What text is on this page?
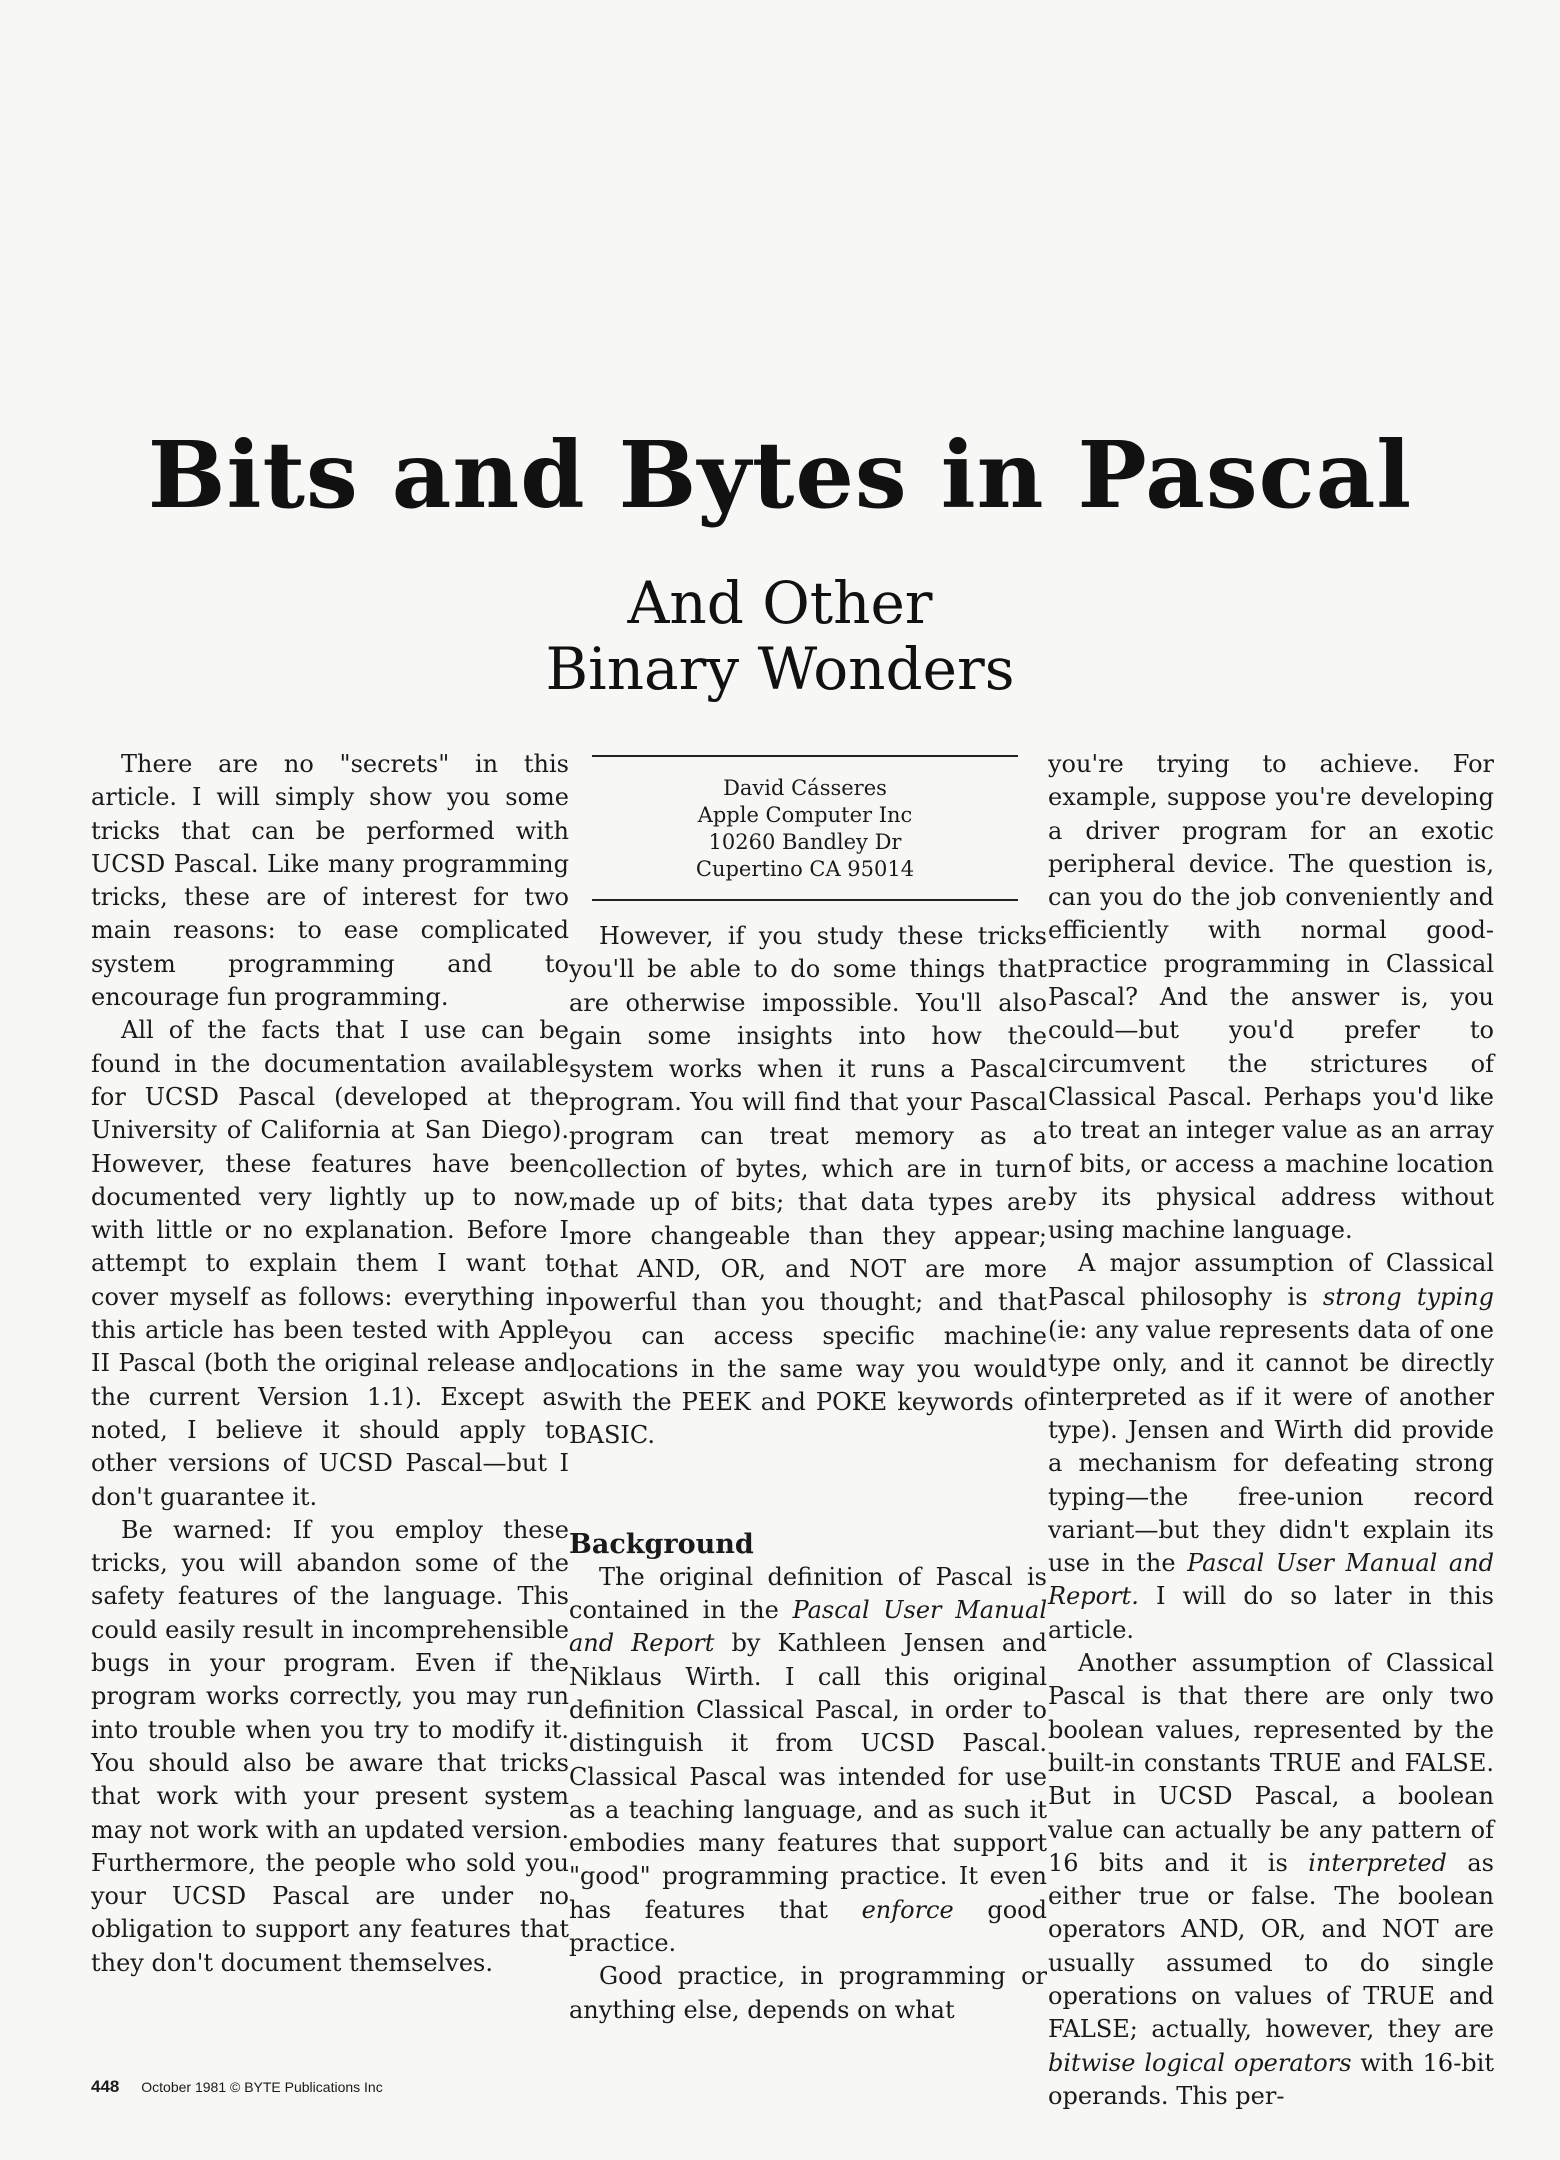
Bits and Bytes in Pascal
And Other
Binary Wonders

There are no "secrets" in this article. I will simply show you some tricks that can be performed with UCSD Pascal. Like many programming tricks, these are of interest for two main reasons: to ease complicated system programming and to encourage fun programming.

All of the facts that I use can be found in the documentation available for UCSD Pascal (developed at the University of California at San Diego). However, these features have been documented very lightly up to now, with little or no explanation. Before I attempt to explain them I want to cover myself as follows: everything in this article has been tested with Apple II Pascal (both the original release and the current Version 1.1). Except as noted, I believe it should apply to other versions of UCSD Pascal—but I don't guarantee it.

Be warned: If you employ these tricks, you will abandon some of the safety features of the language. This could easily result in incomprehensible bugs in your program. Even if the program works correctly, you may run into trouble when you try to modify it. You should also be aware that tricks that work with your present system may not work with an updated version. Furthermore, the people who sold you your UCSD Pascal are under no obligation to support any features that they don't document themselves.

David Cásseres
Apple Computer Inc
10260 Bandley Dr
Cupertino CA 95014

However, if you study these tricks you'll be able to do some things that are otherwise impossible. You'll also gain some insights into how the system works when it runs a Pascal program. You will find that your Pascal program can treat memory as a collection of bytes, which are in turn made up of bits; that data types are more changeable than they appear; that AND, OR, and NOT are more powerful than you thought; and that you can access specific machine locations in the same way you would with the PEEK and POKE keywords of BASIC.

Background

The original definition of Pascal is contained in the Pascal User Manual and Report by Kathleen Jensen and Niklaus Wirth. I call this original definition Classical Pascal, in order to distinguish it from UCSD Pascal. Classical Pascal was intended for use as a teaching language, and as such it embodies many features that support "good" programming practice. It even has features that enforce good practice.

Good practice, in programming or anything else, depends on what

you're trying to achieve. For example, suppose you're developing a driver program for an exotic peripheral device. The question is, can you do the job conveniently and efficiently with normal good-practice programming in Classical Pascal? And the answer is, you could—but you'd prefer to circumvent the strictures of Classical Pascal. Perhaps you'd like to treat an integer value as an array of bits, or access a machine location by its physical address without using machine language.

A major assumption of Classical Pascal philosophy is strong typing (ie: any value represents data of one type only, and it cannot be directly interpreted as if it were of another type). Jensen and Wirth did provide a mechanism for defeating strong typing—the free-union record variant—but they didn't explain its use in the Pascal User Manual and Report. I will do so later in this article.

Another assumption of Classical Pascal is that there are only two boolean values, represented by the built-in constants TRUE and FALSE. But in UCSD Pascal, a boolean value can actually be any pattern of 16 bits and it is interpreted as either true or false. The boolean operators AND, OR, and NOT are usually assumed to do single operations on values of TRUE and FALSE; actually, however, they are bitwise logical operators with 16-bit operands. This per-

448 October 1981 © BYTE Publications Inc
